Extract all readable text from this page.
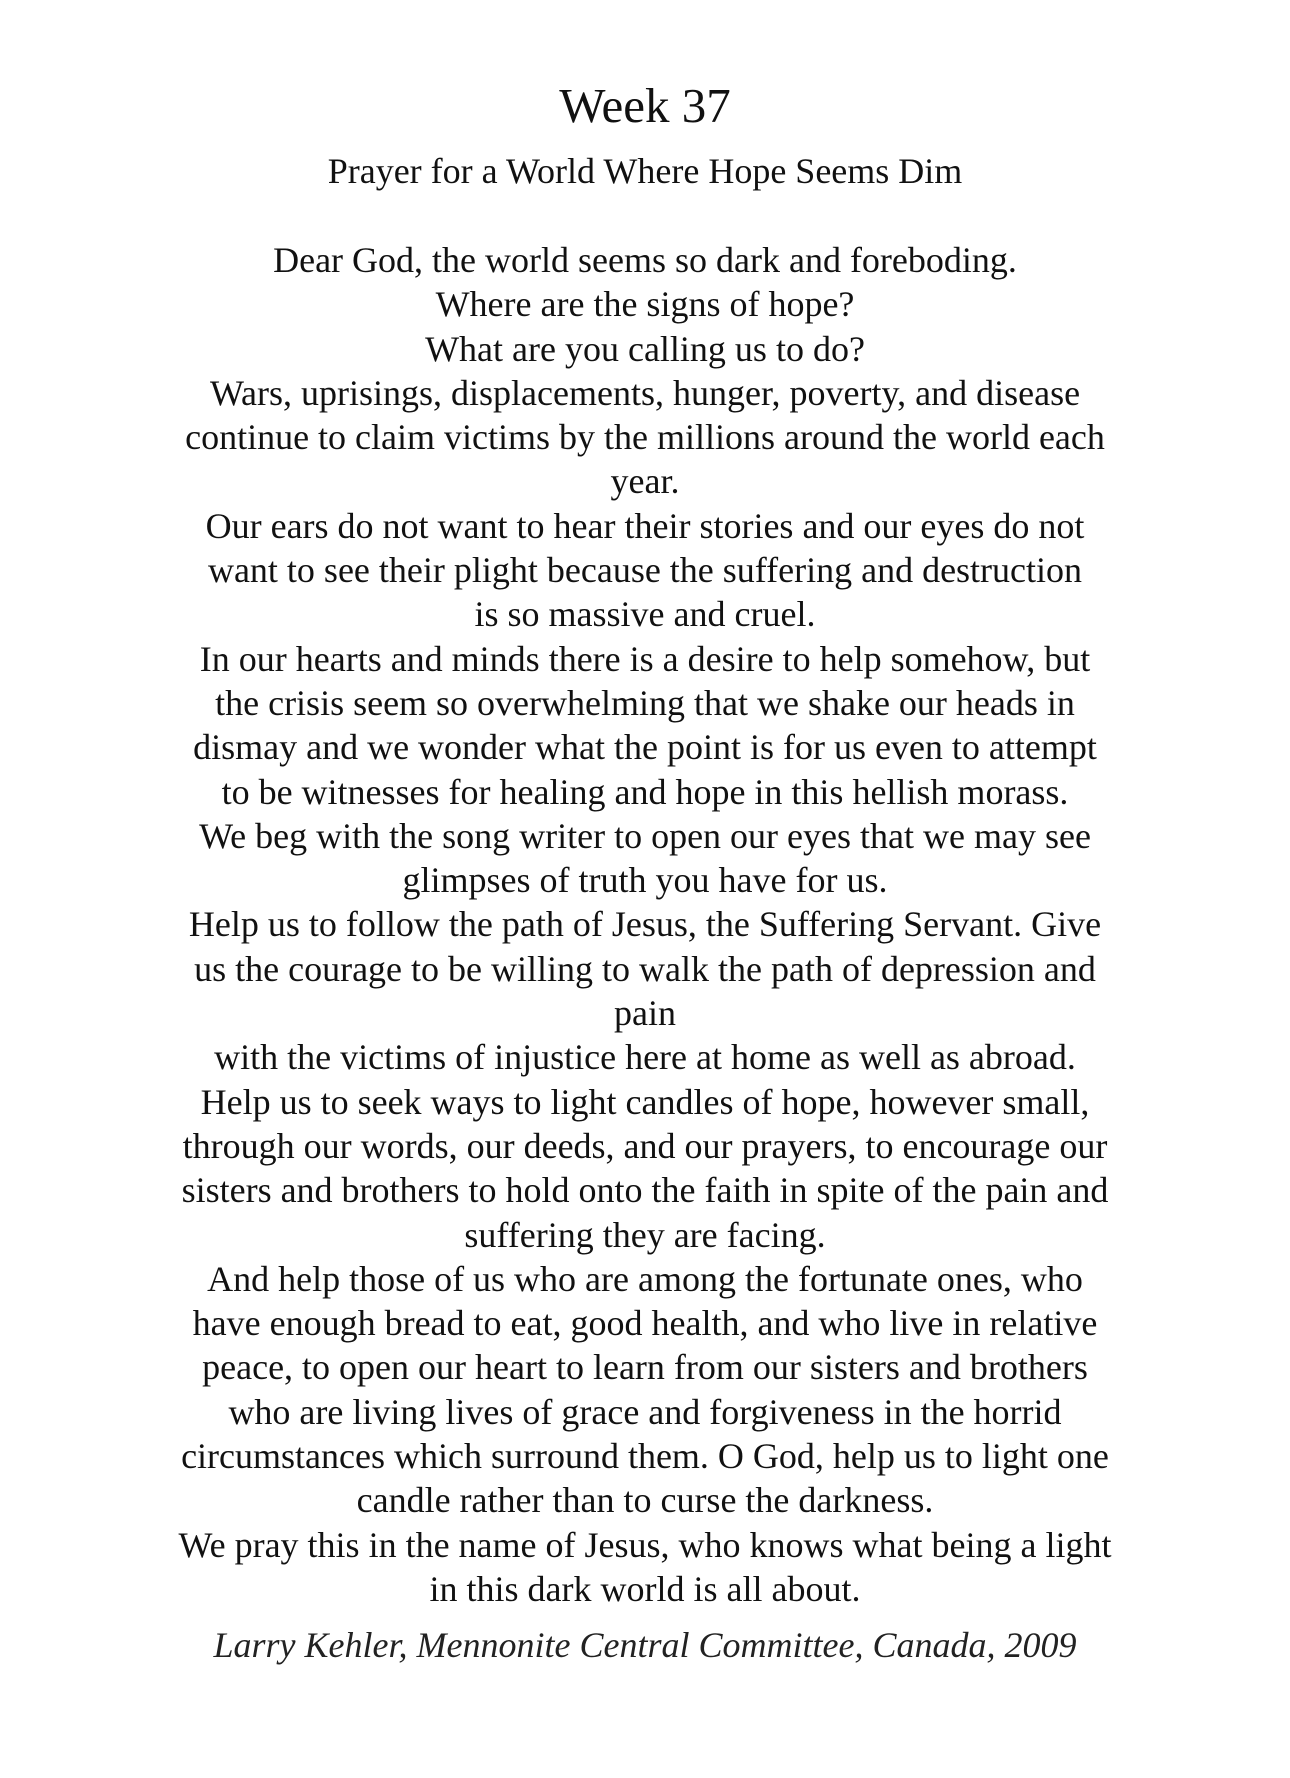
Week 37

Prayer for a World Where Hope Seems Dim

Dear God, the world seems so dark and foreboding.
Where are the signs of hope?
What are you calling us to do?
Wars, uprisings, displacements, hunger, poverty, and disease
continue to claim victims by the millions around the world each
year.
Our ears do not want to hear their stories and our eyes do not
want to see their plight because the suffering and destruction
is so massive and cruel.
In our hearts and minds there is a desire to help somehow, but
the crisis seem so overwhelming that we shake our heads in
dismay and we wonder what the point is for us even to attempt
to be witnesses for healing and hope in this hellish morass.
We beg with the song writer to open our eyes that we may see
glimpses of truth you have for us.
Help us to follow the path of Jesus, the Suffering Servant. Give
us the courage to be willing to walk the path of depression and
pain
with the victims of injustice here at home as well as abroad.
Help us to seek ways to light candles of hope, however small,
through our words, our deeds, and our prayers, to encourage our
sisters and brothers to hold onto the faith in spite of the pain and
suffering they are facing.
And help those of us who are among the fortunate ones, who
have enough bread to eat, good health, and who live in relative
peace, to open our heart to learn from our sisters and brothers
who are living lives of grace and forgiveness in the horrid
circumstances which surround them. O God, help us to light one
candle rather than to curse the darkness.
We pray this in the name of Jesus, who knows what being a light
in this dark world is all about.

Larry Kehler, Mennonite Central Committee, Canada, 2009
